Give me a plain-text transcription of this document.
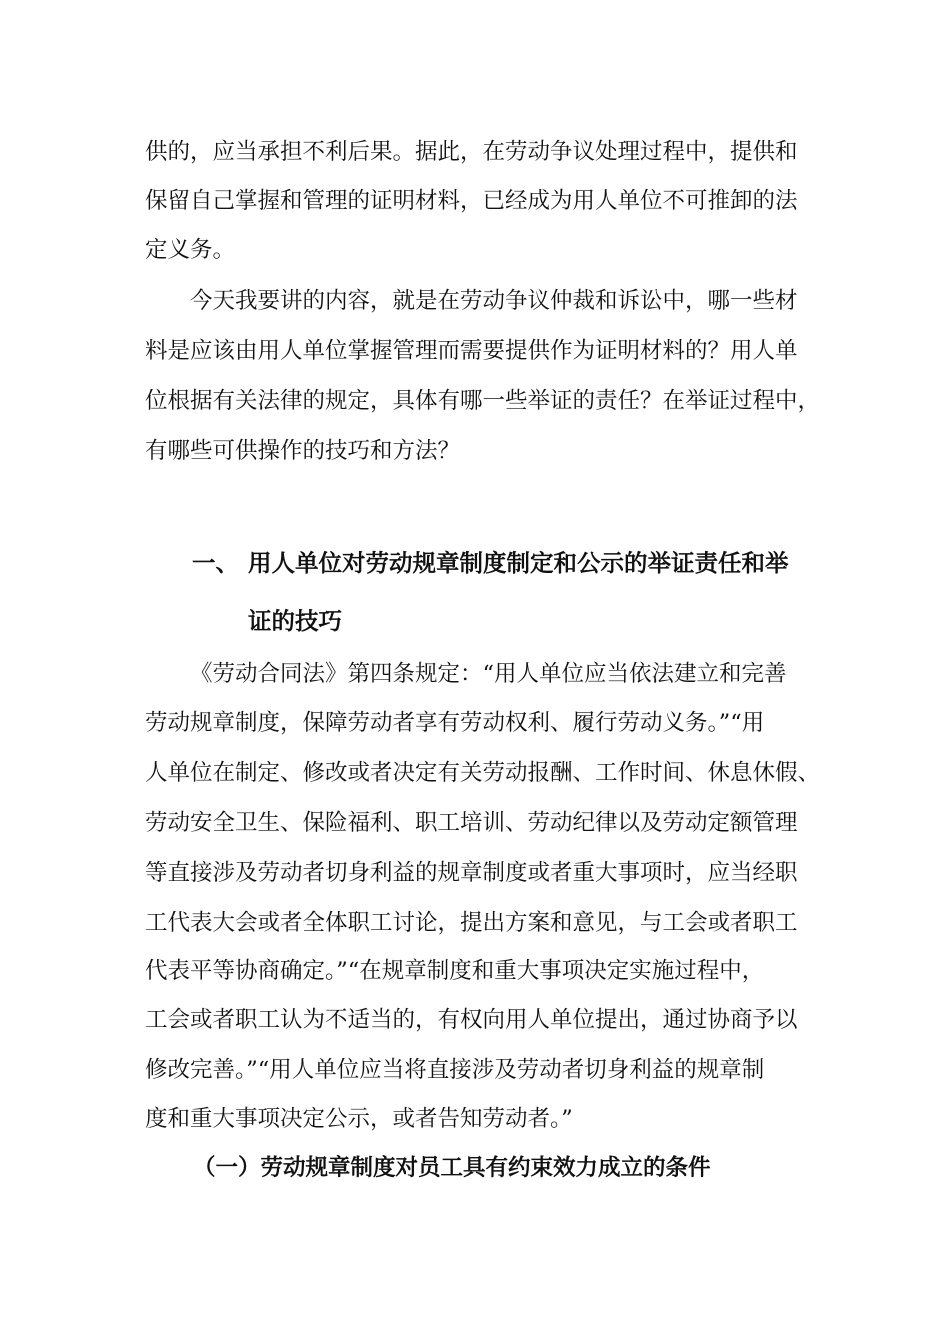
供的，应当承担不利后果。据此，在劳动争议处理过程中，提供和

保留自己掌握和管理的证明材料，已经成为用人单位不可推卸的法

定义务。

今天我要讲的内容，就是在劳动争议仲裁和诉讼中，哪一些材

料是应该由用人单位掌握管理而需要提供作为证明材料的？用人单

位根据有关法律的规定，具体有哪一些举证的责任？在举证过程中，

有哪些可供操作的技巧和方法？

一、 用人单位对劳动规章制度制定和公示的举证责任和举
证的技巧

《劳动合同法》第四条规定：“用人单位应当依法建立和完善

劳动规章制度，保障劳动者享有劳动权利、履行劳动义务。”“用

人单位在制定、修改或者决定有关劳动报酬、工作时间、休息休假、

劳动安全卫生、保险福利、职工培训、劳动纪律以及劳动定额管理

等直接涉及劳动者切身利益的规章制度或者重大事项时，应当经职

工代表大会或者全体职工讨论，提出方案和意见，与工会或者职工

代表平等协商确定。”“在规章制度和重大事项决定实施过程中，

工会或者职工认为不适当的，有权向用人单位提出，通过协商予以

修改完善。”“用人单位应当将直接涉及劳动者切身利益的规章制

度和重大事项决定公示，或者告知劳动者。”

（一）劳动规章制度对员工具有约束效力成立的条件
